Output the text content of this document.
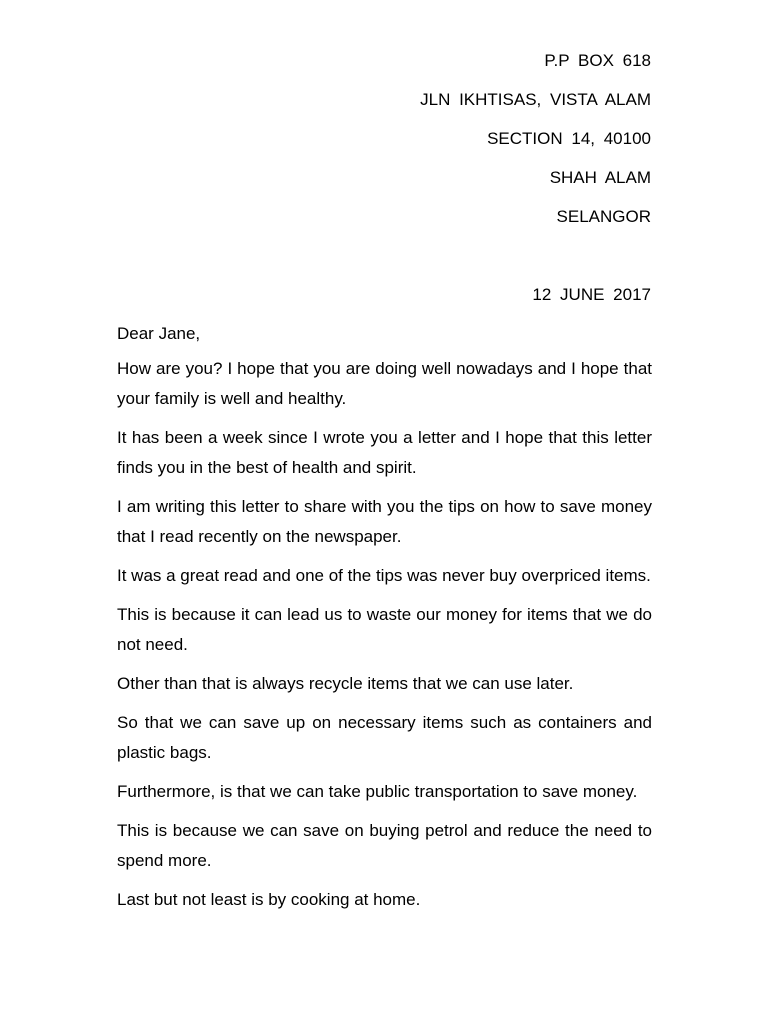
P.P BOX 618
JLN IKHTISAS, VISTA ALAM
SECTION 14, 40100
SHAH ALAM
SELANGOR
12 JUNE 2017

Dear Jane,

How are you? I hope that you are doing well nowadays and I hope that your family is well and healthy.

It has been a week since I wrote you a letter and I hope that this letter finds you in the best of health and spirit.

I am writing this letter to share with you the tips on how to save money that I read recently on the newspaper.

It was a great read and one of the tips was never buy overpriced items.

This is because it can lead us to waste our money for items that we do not need.

Other than that is always recycle items that we can use later.

So that we can save up on necessary items such as containers and plastic bags.

Furthermore, is that we can take public transportation to save money.

This is because we can save on buying petrol and reduce the need to spend more.

Last but not least is by cooking at home.
